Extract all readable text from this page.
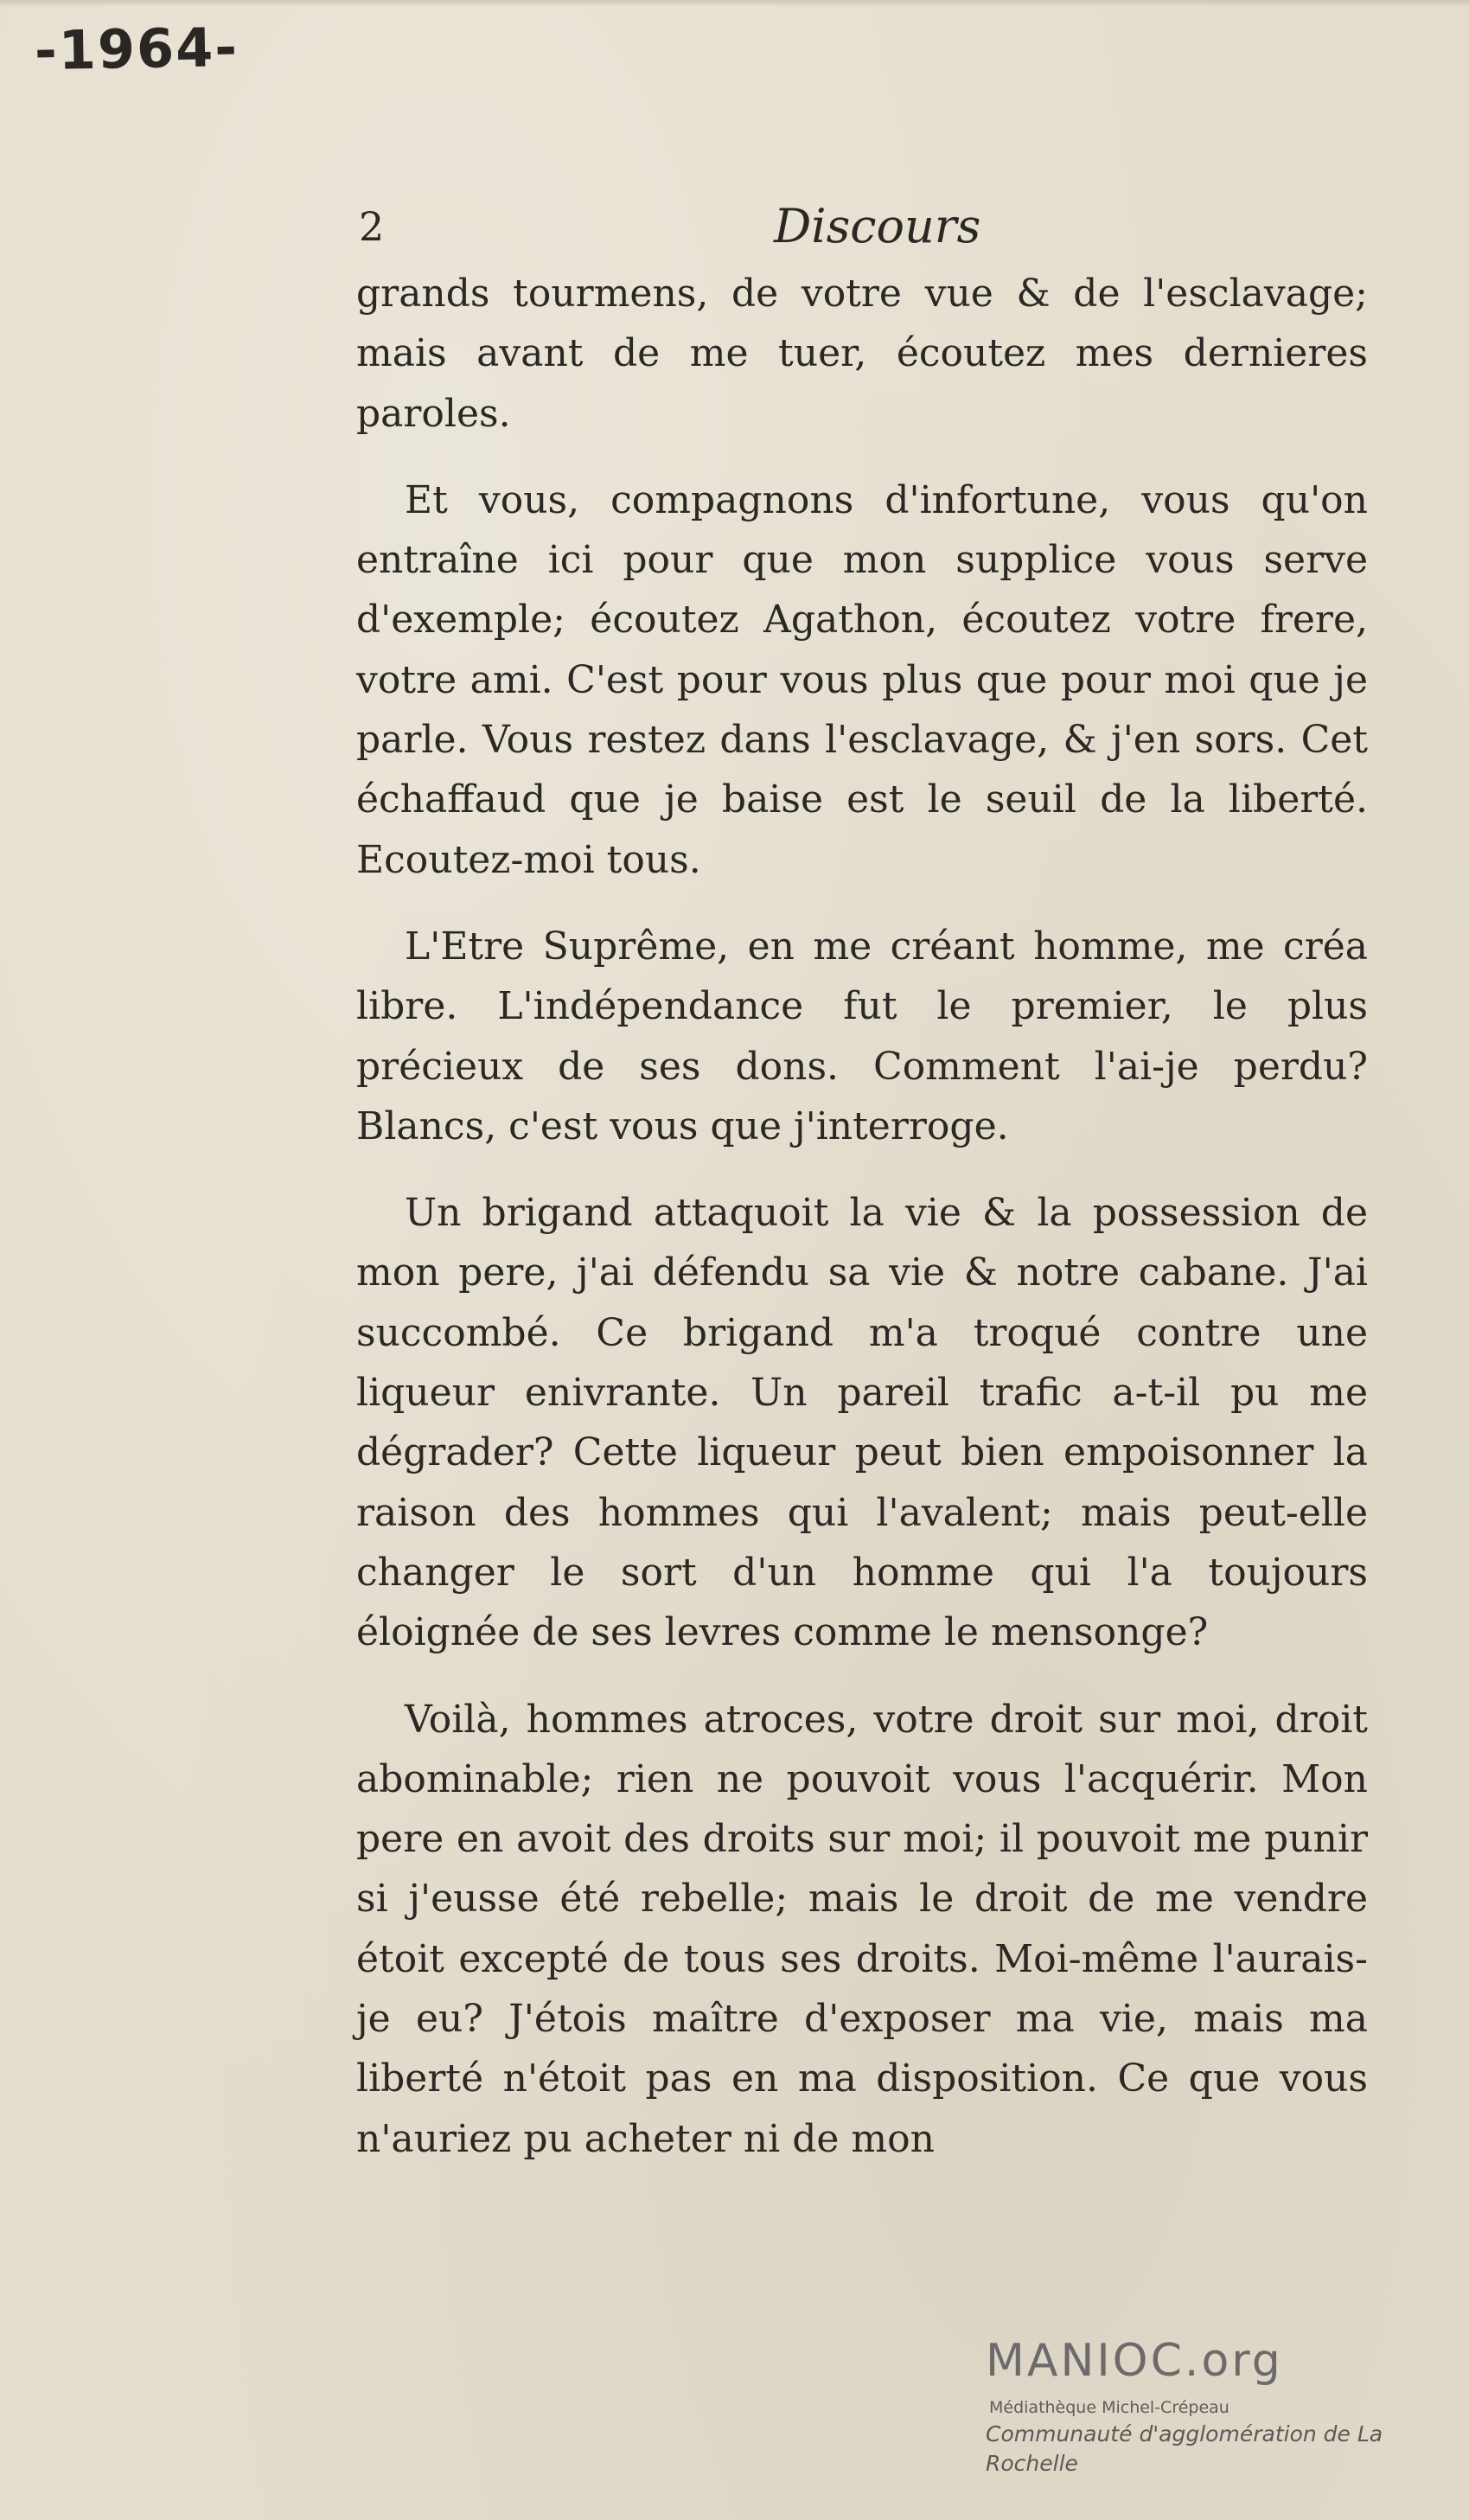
-1964-
2	Discours

grands tourmens, de votre vue & de l'esclavage; mais avant de me tuer, écoutez mes dernieres paroles.

Et vous, compagnons d'infortune, vous qu'on entraîne ici pour que mon supplice vous serve d'exemple; écoutez Agathon, écoutez votre frere, votre ami. C'est pour vous plus que pour moi que je parle. Vous restez dans l'esclavage, & j'en sors. Cet échaffaud que je baise est le seuil de la liberté. Ecoutez-moi tous.

L'Etre Suprême, en me créant homme, me créa libre. L'indépendance fut le premier, le plus précieux de ses dons. Comment l'ai-je perdu? Blancs, c'est vous que j'interroge.

Un brigand attaquoit la vie & la possession de mon pere, j'ai défendu sa vie & notre cabane. J'ai succombé. Ce brigand m'a troqué contre une liqueur enivrante. Un pareil trafic a-t-il pu me dégrader? Cette liqueur peut bien empoisonner la raison des hommes qui l'avalent; mais peut-elle changer le sort d'un homme qui l'a toujours éloignée de ses levres comme le mensonge?

Voilà, hommes atroces, votre droit sur moi, droit abominable; rien ne pouvoit vous l'acquérir. Mon pere en avoit des droits sur moi; il pouvoit me punir si j'eusse été rebelle; mais le droit de me vendre étoit excepté de tous ses droits. Moi-même l'aurais-je eu? J'étois maître d'exposer ma vie, mais ma liberté n'étoit pas en ma disposition. Ce que vous n'auriez pu acheter ni de mon

MANIOC.org
Médiathèque Michel-Crépeau
Communauté d'agglomération de La Rochelle
